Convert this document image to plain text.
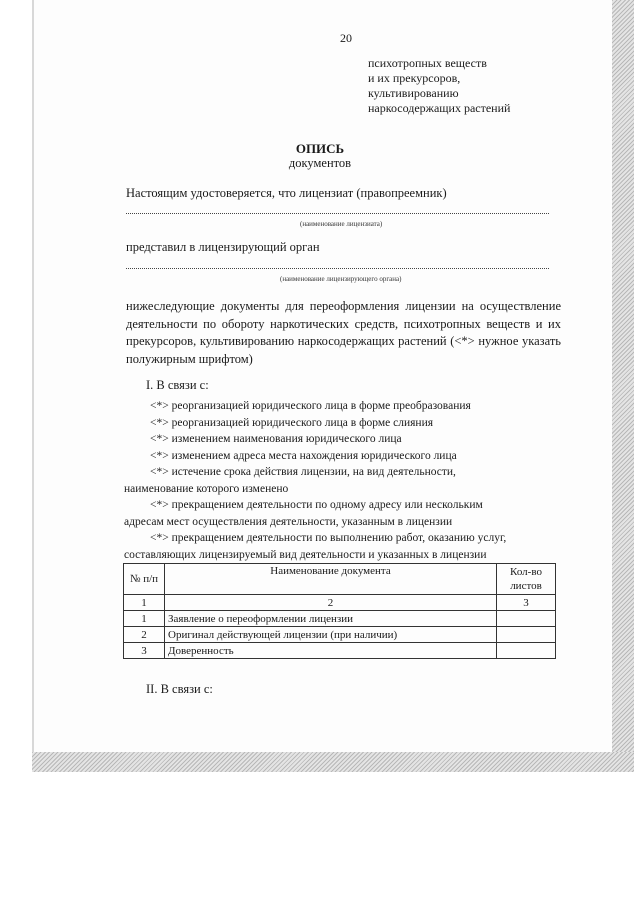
20
психотропных веществ
и их прекурсоров,
культивированию
наркосодержащих растений
ОПИСЬ
документов
Настоящим удостоверяется, что лицензиат (правопреемник)
(наименование лицензиата)
представил в лицензирующий орган
(наименование лицензирующего органа)
нижеследующие документы для переоформления лицензии на осуществление деятельности по обороту наркотических средств, психотропных веществ и их прекурсоров, культивированию наркосодержащих растений (<*> нужное указать полужирным шрифтом)
I. В связи с:
<*> реорганизацией юридического лица в форме преобразования
<*> реорганизацией юридического лица в форме слияния
<*> изменением наименования юридического лица
<*> изменением адреса места нахождения юридического лица
<*> истечение срока действия лицензии, на вид деятельности,
наименование которого изменено
<*> прекращением деятельности по одному адресу или нескольким
адресам мест осуществления деятельности, указанным в лицензии
<*> прекращением деятельности по выполнению работ, оказанию услуг,
составляющих лицензируемый вид деятельности и указанных в лицензии
№ п/п	Наименование документа	Кол-во листов
1	2	3
1	Заявление о переоформлении лицензии	
2	Оригинал действующей лицензии (при наличии)	
3	Доверенность	
II. В связи с:
